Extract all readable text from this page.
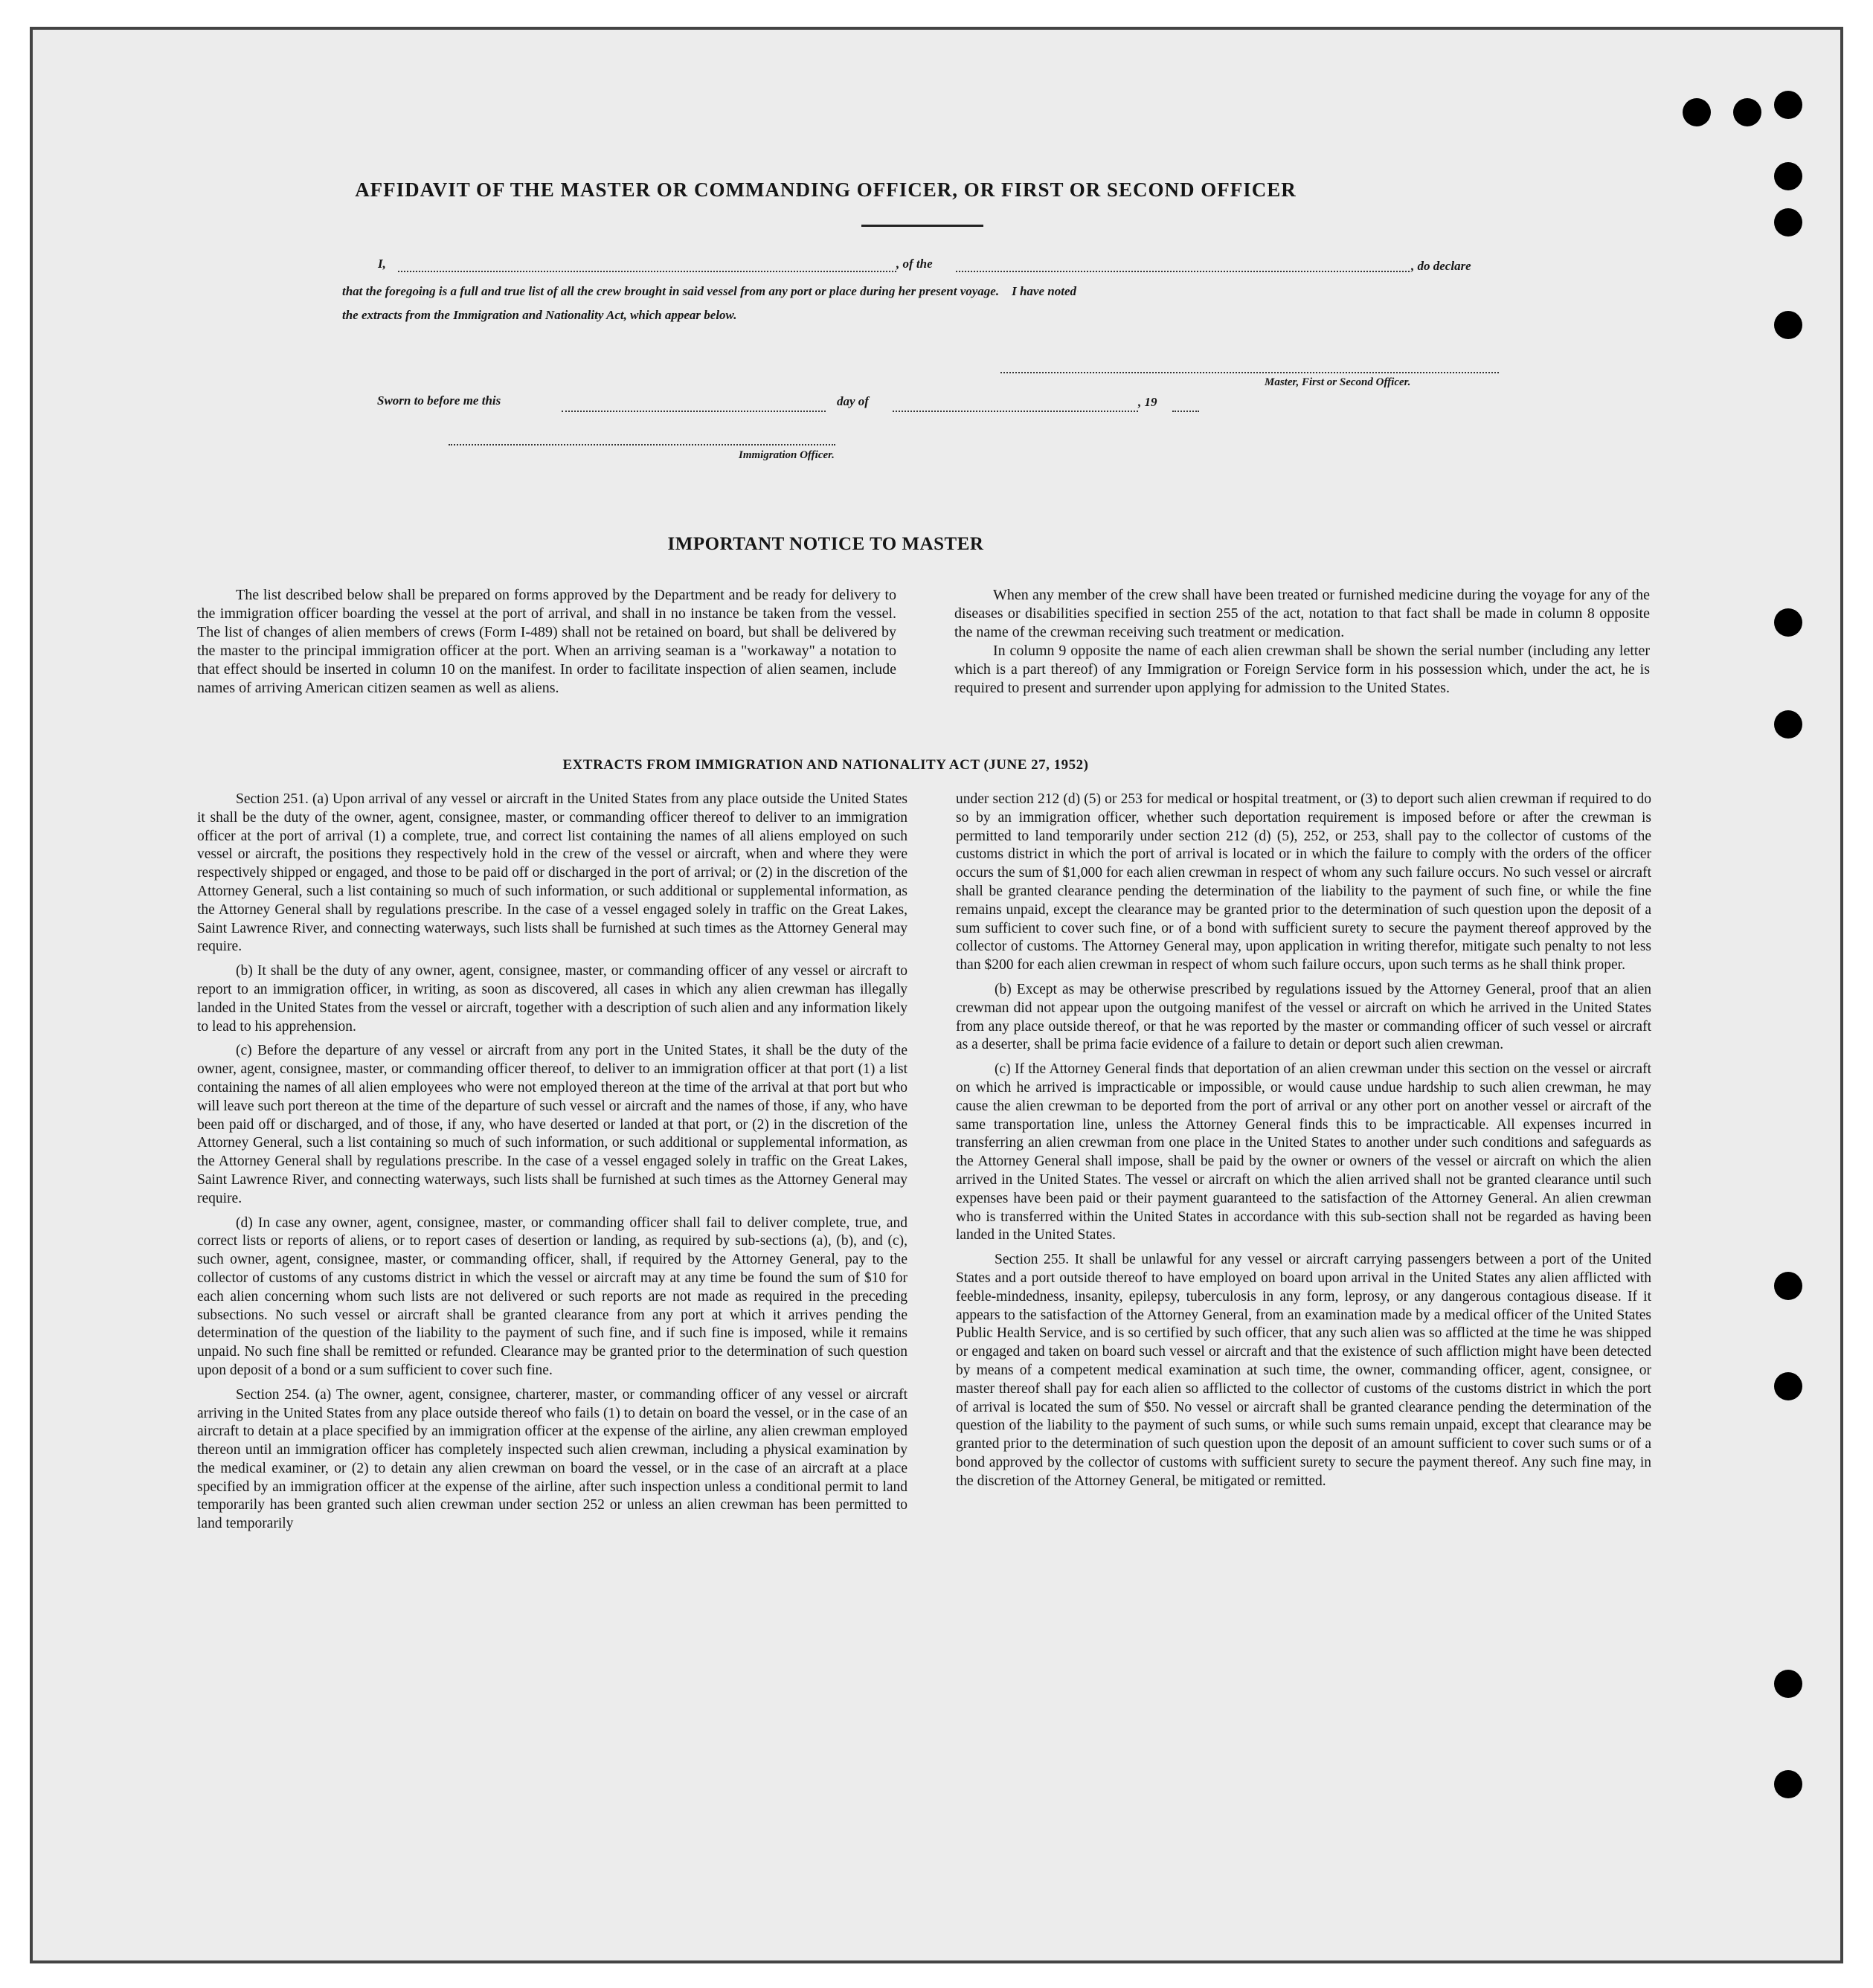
AFFIDAVIT OF THE MASTER OR COMMANDING OFFICER, OR FIRST OR SECOND OFFICER
I,	, of the	, do declare
that the foregoing is a full and true list of all the crew brought in said vessel from any port or place during her present voyage.    I have noted
the extracts from the Immigration and Nationality Act, which appear below.
Master, First or Second Officer.
Sworn to before me this	day of	, 19
Immigration Officer.
IMPORTANT NOTICE TO MASTER

The list described below shall be prepared on forms approved by the Department and be ready for delivery to the immigration officer boarding the vessel at the port of arrival, and shall in no instance be taken from the vessel. The list of changes of alien members of crews (Form I-489) shall not be retained on board, but shall be delivered by the master to the principal immigration officer at the port. When an arriving seaman is a "workaway" a notation to that effect should be inserted in column 10 on the manifest. In order to facilitate inspection of alien seamen, include names of arriving American citizen seamen as well as aliens.

When any member of the crew shall have been treated or furnished medicine during the voyage for any of the diseases or disabilities specified in section 255 of the act, notation to that fact shall be made in column 8 opposite the name of the crewman receiving such treatment or medication.

In column 9 opposite the name of each alien crewman shall be shown the serial number (including any letter which is a part thereof) of any Immigration or Foreign Service form in his possession which, under the act, he is required to present and surrender upon applying for admission to the United States.

EXTRACTS FROM IMMIGRATION AND NATIONALITY ACT (JUNE 27, 1952)

Section 251. (a) Upon arrival of any vessel or aircraft in the United States from any place outside the United States it shall be the duty of the owner, agent, consignee, master, or commanding officer thereof to deliver to an immigration officer at the port of arrival (1) a complete, true, and correct list containing the names of all aliens employed on such vessel or aircraft, the positions they respectively hold in the crew of the vessel or aircraft, when and where they were respectively shipped or engaged, and those to be paid off or discharged in the port of arrival; or (2) in the discretion of the Attorney General, such a list containing so much of such information, or such additional or supplemental information, as the Attorney General shall by regulations prescribe. In the case of a vessel engaged solely in traffic on the Great Lakes, Saint Lawrence River, and connecting waterways, such lists shall be furnished at such times as the Attorney General may require.

(b) It shall be the duty of any owner, agent, consignee, master, or commanding officer of any vessel or aircraft to report to an immigration officer, in writing, as soon as discovered, all cases in which any alien crewman has illegally landed in the United States from the vessel or aircraft, together with a description of such alien and any information likely to lead to his apprehension.

(c) Before the departure of any vessel or aircraft from any port in the United States, it shall be the duty of the owner, agent, consignee, master, or commanding officer thereof, to deliver to an immigration officer at that port (1) a list containing the names of all alien employees who were not employed thereon at the time of the arrival at that port but who will leave such port thereon at the time of the departure of such vessel or aircraft and the names of those, if any, who have been paid off or discharged, and of those, if any, who have deserted or landed at that port, or (2) in the discretion of the Attorney General, such a list containing so much of such information, or such additional or supplemental information, as the Attorney General shall by regulations prescribe. In the case of a vessel engaged solely in traffic on the Great Lakes, Saint Lawrence River, and connecting waterways, such lists shall be furnished at such times as the Attorney General may require.

(d) In case any owner, agent, consignee, master, or commanding officer shall fail to deliver complete, true, and correct lists or reports of aliens, or to report cases of desertion or landing, as required by sub-sections (a), (b), and (c), such owner, agent, consignee, master, or commanding officer, shall, if required by the Attorney General, pay to the collector of customs of any customs district in which the vessel or aircraft may at any time be found the sum of $10 for each alien concerning whom such lists are not delivered or such reports are not made as required in the preceding subsections. No such vessel or aircraft shall be granted clearance from any port at which it arrives pending the determination of the question of the liability to the payment of such fine, and if such fine is imposed, while it remains unpaid. No such fine shall be remitted or refunded. Clearance may be granted prior to the determination of such question upon deposit of a bond or a sum sufficient to cover such fine.

Section 254. (a) The owner, agent, consignee, charterer, master, or commanding officer of any vessel or aircraft arriving in the United States from any place outside thereof who fails (1) to detain on board the vessel, or in the case of an aircraft to detain at a place specified by an immigration officer at the expense of the airline, any alien crewman employed thereon until an immigration officer has completely inspected such alien crewman, including a physical examination by the medical examiner, or (2) to detain any alien crewman on board the vessel, or in the case of an aircraft at a place specified by an immigration officer at the expense of the airline, after such inspection unless a conditional permit to land temporarily has been granted such alien crewman under section 252 or unless an alien crewman has been permitted to land temporarily

under section 212 (d) (5) or 253 for medical or hospital treatment, or (3) to deport such alien crewman if required to do so by an immigration officer, whether such deportation requirement is imposed before or after the crewman is permitted to land temporarily under section 212 (d) (5), 252, or 253, shall pay to the collector of customs of the customs district in which the port of arrival is located or in which the failure to comply with the orders of the officer occurs the sum of $1,000 for each alien crewman in respect of whom any such failure occurs. No such vessel or aircraft shall be granted clearance pending the determination of the liability to the payment of such fine, or while the fine remains unpaid, except the clearance may be granted prior to the determination of such question upon the deposit of a sum sufficient to cover such fine, or of a bond with sufficient surety to secure the payment thereof approved by the collector of customs. The Attorney General may, upon application in writing therefor, mitigate such penalty to not less than $200 for each alien crewman in respect of whom such failure occurs, upon such terms as he shall think proper.

(b) Except as may be otherwise prescribed by regulations issued by the Attorney General, proof that an alien crewman did not appear upon the outgoing manifest of the vessel or aircraft on which he arrived in the United States from any place outside thereof, or that he was reported by the master or commanding officer of such vessel or aircraft as a deserter, shall be prima facie evidence of a failure to detain or deport such alien crewman.

(c) If the Attorney General finds that deportation of an alien crewman under this section on the vessel or aircraft on which he arrived is impracticable or impossible, or would cause undue hardship to such alien crewman, he may cause the alien crewman to be deported from the port of arrival or any other port on another vessel or aircraft of the same transportation line, unless the Attorney General finds this to be impracticable. All expenses incurred in transferring an alien crewman from one place in the United States to another under such conditions and safeguards as the Attorney General shall impose, shall be paid by the owner or owners of the vessel or aircraft on which the alien arrived in the United States. The vessel or aircraft on which the alien arrived shall not be granted clearance until such expenses have been paid or their payment guaranteed to the satisfaction of the Attorney General. An alien crewman who is transferred within the United States in accordance with this sub-section shall not be regarded as having been landed in the United States.

Section 255. It shall be unlawful for any vessel or aircraft carrying passengers between a port of the United States and a port outside thereof to have employed on board upon arrival in the United States any alien afflicted with feeble-mindedness, insanity, epilepsy, tuberculosis in any form, leprosy, or any dangerous contagious disease. If it appears to the satisfaction of the Attorney General, from an examination made by a medical officer of the United States Public Health Service, and is so certified by such officer, that any such alien was so afflicted at the time he was shipped or engaged and taken on board such vessel or aircraft and that the existence of such affliction might have been detected by means of a competent medical examination at such time, the owner, commanding officer, agent, consignee, or master thereof shall pay for each alien so afflicted to the collector of customs of the customs district in which the port of arrival is located the sum of $50. No vessel or aircraft shall be granted clearance pending the determination of the question of the liability to the payment of such sums, or while such sums remain unpaid, except that clearance may be granted prior to the determination of such question upon the deposit of an amount sufficient to cover such sums or of a bond approved by the collector of customs with sufficient surety to secure the payment thereof. Any such fine may, in the discretion of the Attorney General, be mitigated or remitted.
